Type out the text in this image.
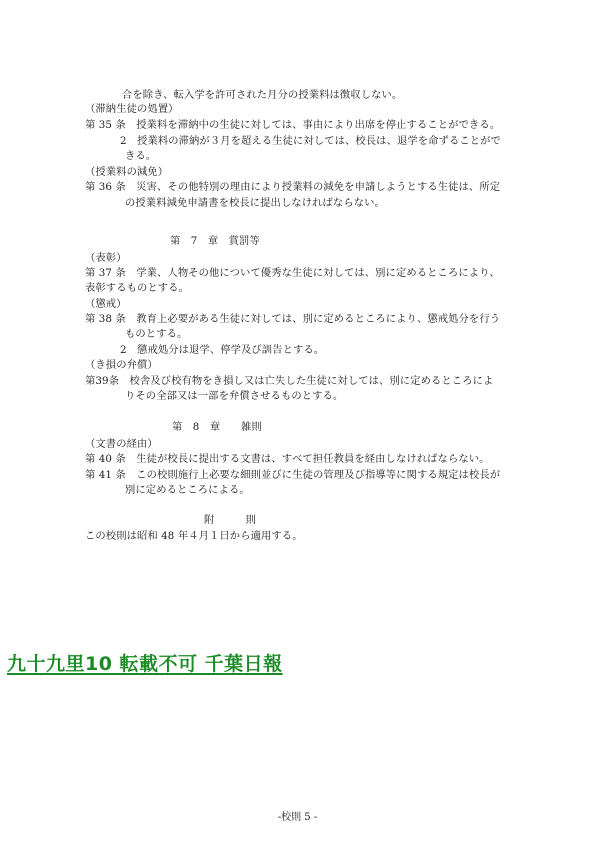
合を除き、転入学を許可された月分の授業料は徴収しない。
（滞納生徒の処置）
第 35 条　授業料を滞納中の生徒に対しては、事由により出席を停止することができる。
2　授業料の滞納が３月を超える生徒に対しては、校長は、退学を命ずることがで
きる。
（授業料の減免）
第 36 条　災害、その他特別の理由により授業料の減免を申請しようとする生徒は、所定
の授業料減免申請書を校長に提出しなければならない。
第　7　章　賞罰等
（表彰）
第 37 条　学業、人物その他について優秀な生徒に対しては、別に定めるところにより、
表彰するものとする。
（懲戒）
第 38 条　教育上必要がある生徒に対しては、別に定めるところにより、懲戒処分を行う
ものとする。
2　懲戒処分は退学、停学及び訓告とする。
（き損の弁償）
第39条　校舎及び校有物をき損し又は亡失した生徒に対しては、別に定めるところによ
りその全部又は一部を弁償させるものとする。
第　8　章　　雑則
（文書の経由）
第 40 条　生徒が校長に提出する文書は、すべて担任教員を経由しなければならない。
第 41 条　この校則施行上必要な細則並びに生徒の管理及び指導等に関する規定は校長が
別に定めるところによる。
附　　　則
この校則は昭和 48 年４月１日から適用する。
九十九里10 転載不可 千葉日報
-校則 5 -
